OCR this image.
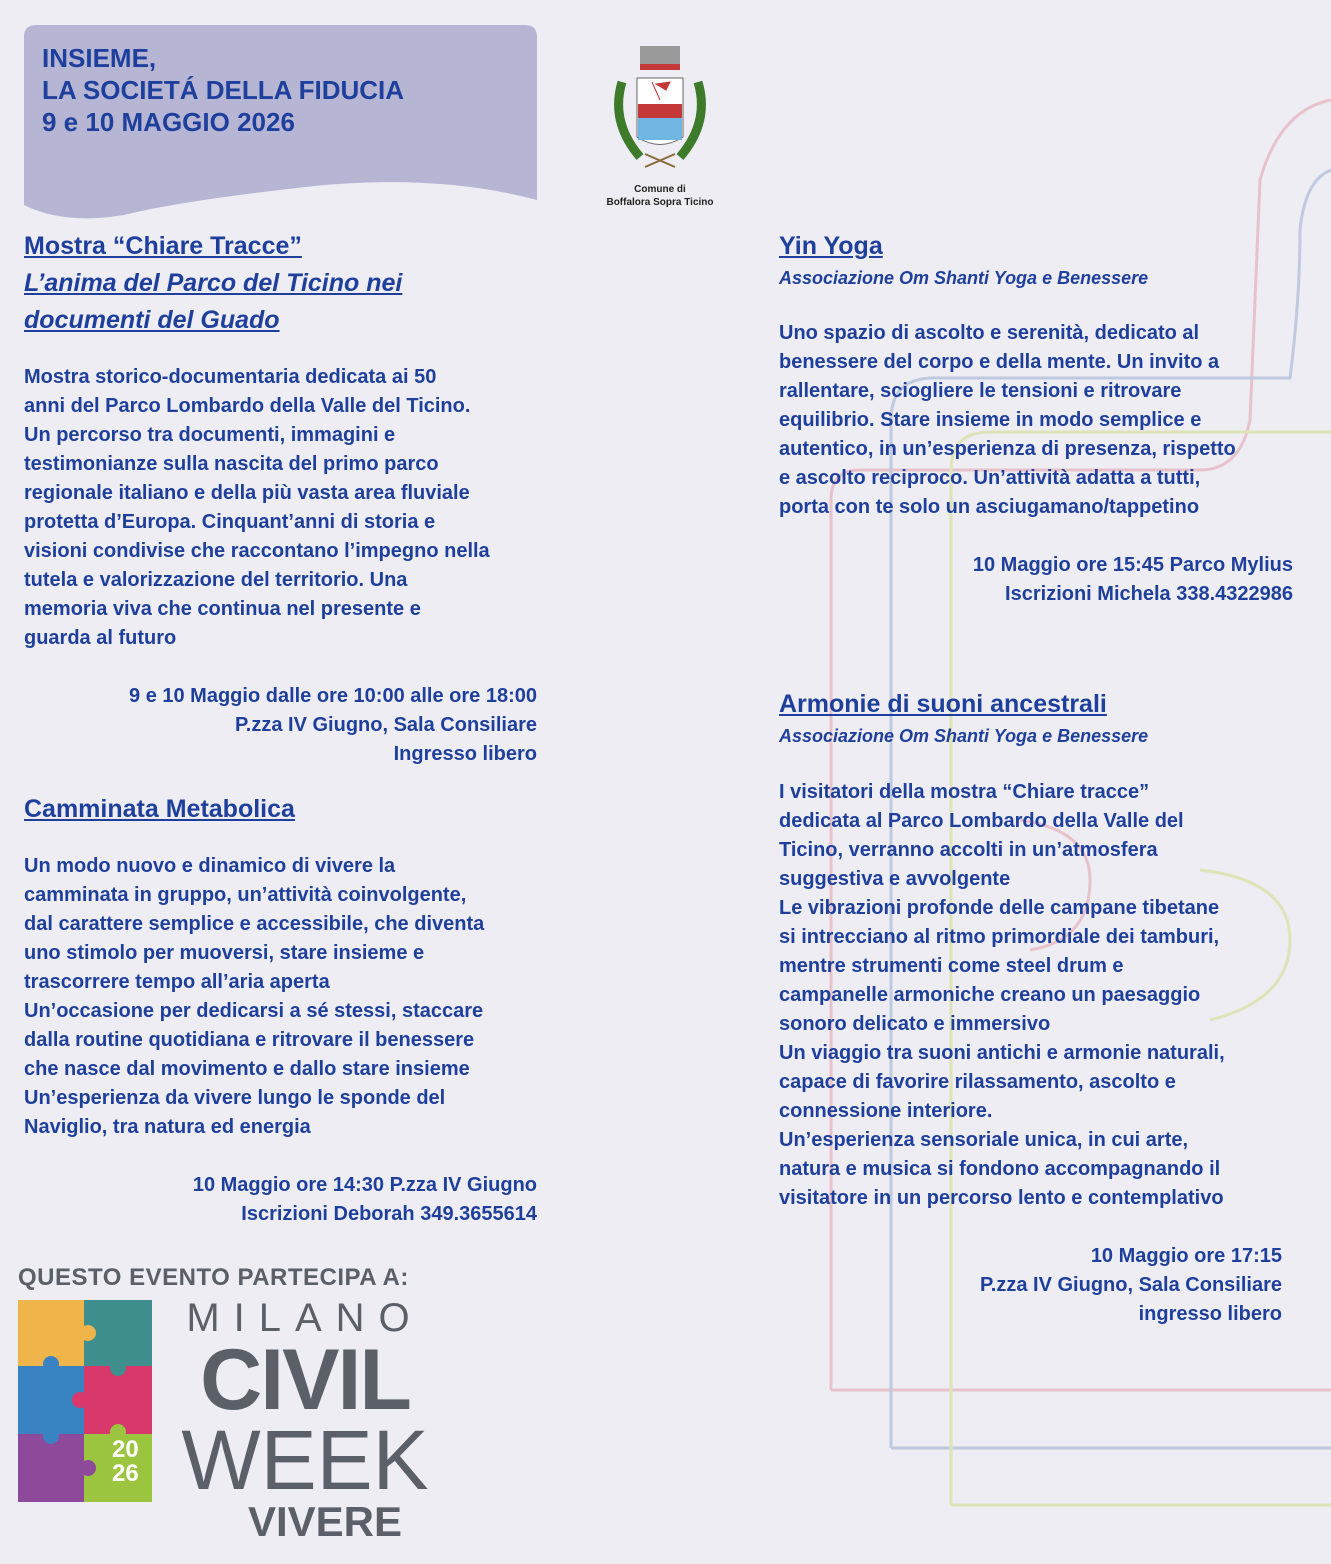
INSIEME,
LA SOCIETÁ DELLA FIDUCIA
9 e 10 MAGGIO 2026
Comune di
Boffalora Sopra Ticino
Mostra “Chiare Tracce”
L’anima del Parco del Ticino nei
documenti del Guado
Mostra storico-documentaria dedicata ai 50
anni del Parco Lombardo della Valle del Ticino.
Un percorso tra documenti, immagini e
testimonianze sulla nascita del primo parco
regionale italiano e della più vasta area fluviale
protetta d’Europa. Cinquant’anni di storia e
visioni condivise che raccontano l’impegno nella
tutela e valorizzazione del territorio. Una
memoria viva che continua nel presente e
guarda al futuro
9 e 10 Maggio dalle ore 10:00 alle ore 18:00
P.zza IV Giugno, Sala Consiliare
Ingresso libero
Camminata Metabolica
Un modo nuovo e dinamico di vivere la
camminata in gruppo, un’attività coinvolgente,
dal carattere semplice e accessibile, che diventa
uno stimolo per muoversi, stare insieme e
trascorrere tempo all’aria aperta
Un’occasione per dedicarsi a sé stessi, staccare
dalla routine quotidiana e ritrovare il benessere
che nasce dal movimento e dallo stare insieme
Un’esperienza da vivere lungo le sponde del
Naviglio, tra natura ed energia
10 Maggio ore 14:30 P.zza IV Giugno
Iscrizioni Deborah 349.3655614
Yin Yoga
Associazione Om Shanti Yoga e Benessere
Uno spazio di ascolto e serenità, dedicato al
benessere del corpo e della mente. Un invito a
rallentare, sciogliere le tensioni e ritrovare
equilibrio. Stare insieme in modo semplice e
autentico, in un’esperienza di presenza, rispetto
e ascolto reciproco. Un’attività adatta a tutti,
porta con te solo un asciugamano/tappetino
10 Maggio ore 15:45 Parco Mylius
Iscrizioni Michela 338.4322986
Armonie di suoni ancestrali
Associazione Om Shanti Yoga e Benessere
I visitatori della mostra “Chiare tracce”
dedicata al Parco Lombardo della Valle del
Ticino, verranno accolti in un’atmosfera
suggestiva e avvolgente
Le vibrazioni profonde delle campane tibetane
si intrecciano al ritmo primordiale dei tamburi,
mentre strumenti come steel drum e
campanelle armoniche creano un paesaggio
sonoro delicato e immersivo
Un viaggio tra suoni antichi e armonie naturali,
capace di favorire rilassamento, ascolto e
connessione interiore.
Un’esperienza sensoriale unica, in cui arte,
natura e musica si fondono accompagnando il
visitatore in un percorso lento e contemplativo
10 Maggio ore 17:15
P.zza IV Giugno, Sala Consiliare
ingresso libero
QUESTO EVENTO PARTECIPA A:
20
26
MILANO
CIVIL
WEEK
VIVERE
